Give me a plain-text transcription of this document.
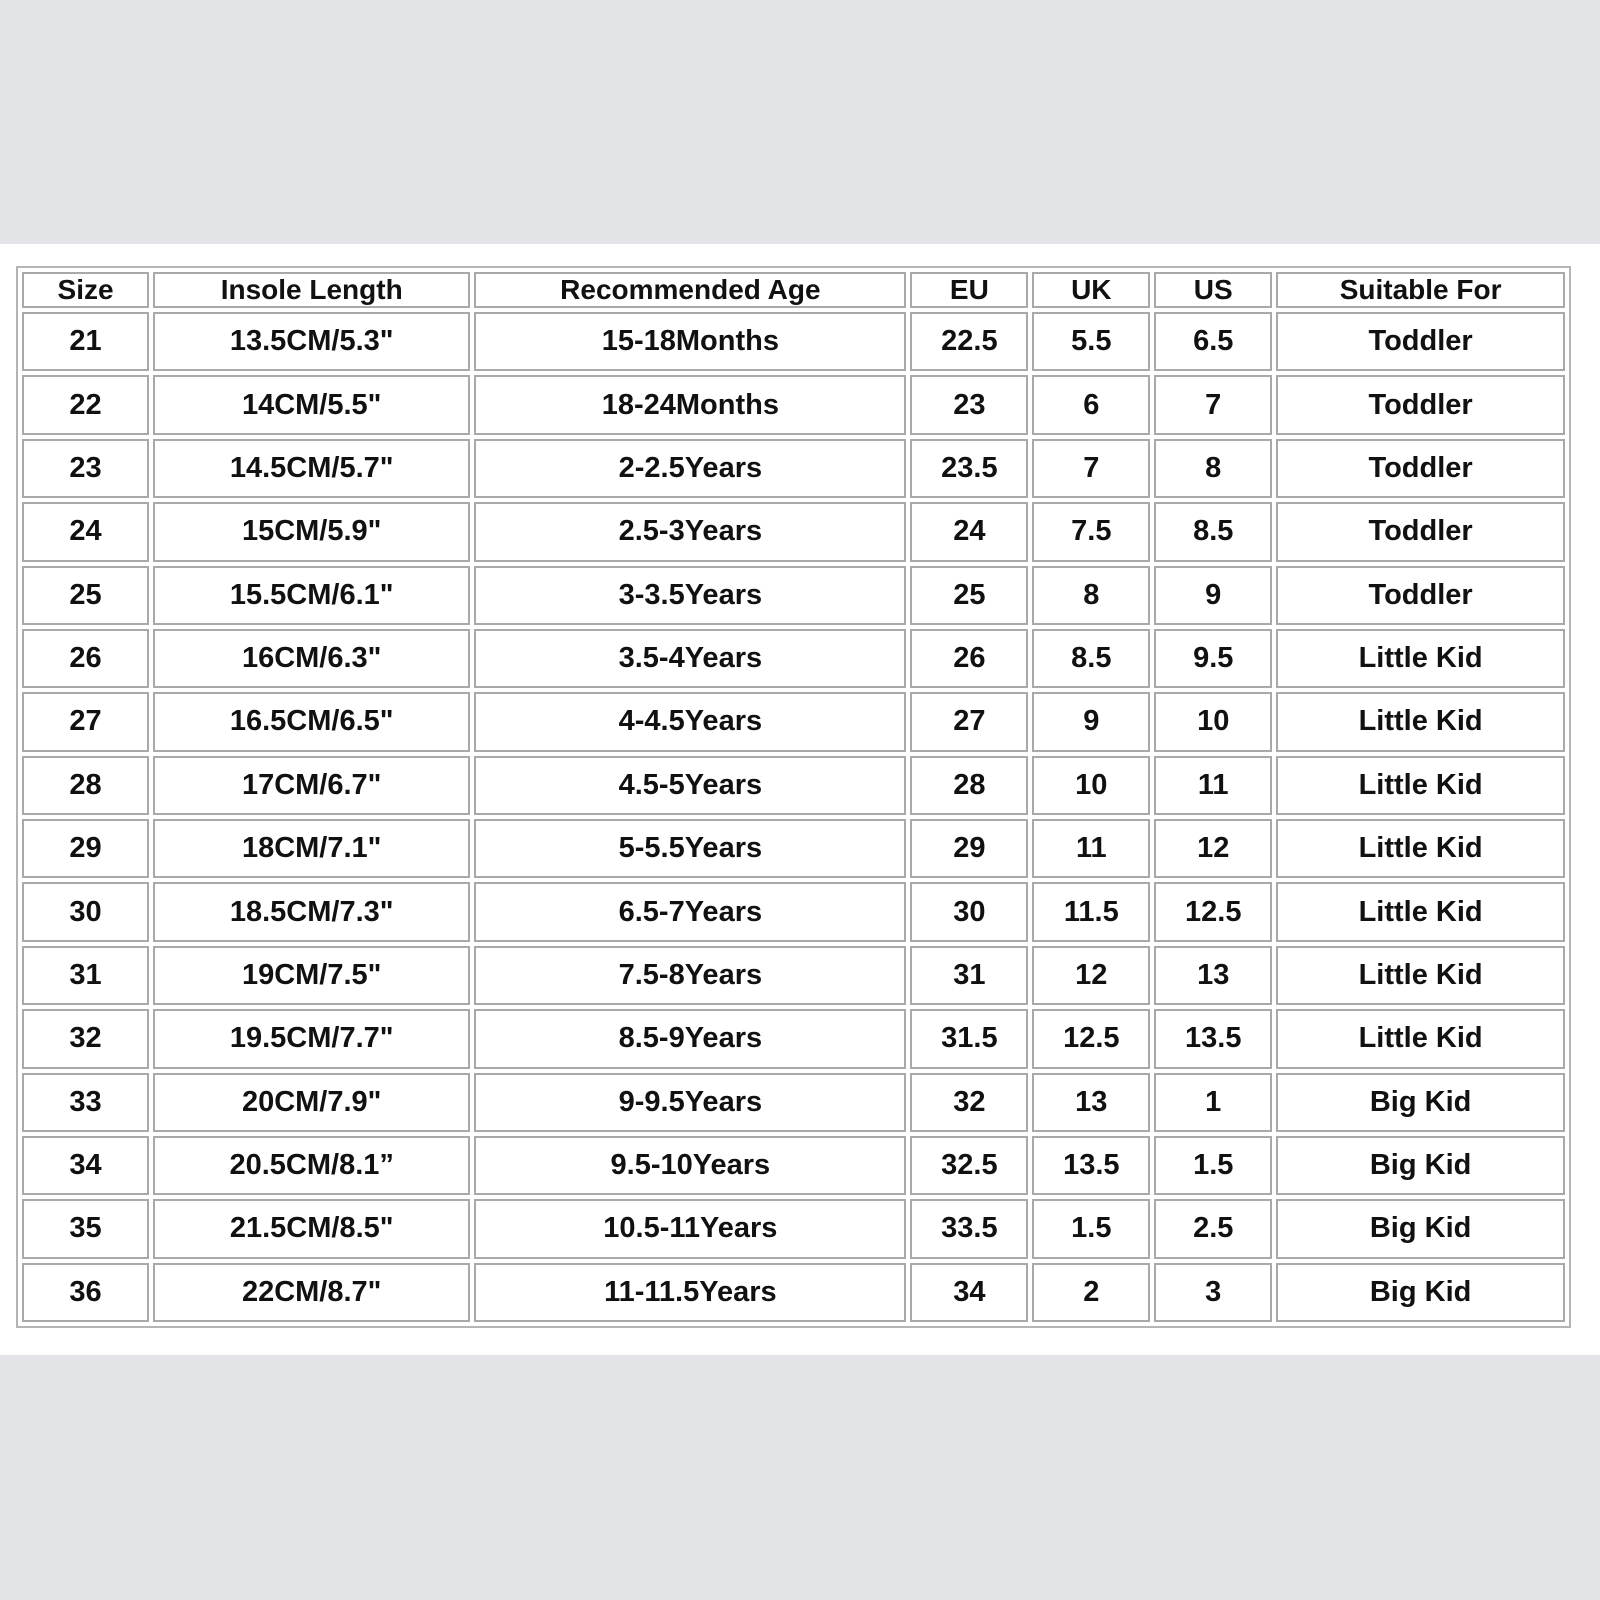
Size	Insole Length	Recommended Age	EU	UK	US	Suitable For
21	13.5CM/5.3"	15-18Months	22.5	5.5	6.5	Toddler
22	14CM/5.5"	18-24Months	23	6	7	Toddler
23	14.5CM/5.7"	2-2.5Years	23.5	7	8	Toddler
24	15CM/5.9"	2.5-3Years	24	7.5	8.5	Toddler
25	15.5CM/6.1"	3-3.5Years	25	8	9	Toddler
26	16CM/6.3"	3.5-4Years	26	8.5	9.5	Little Kid
27	16.5CM/6.5"	4-4.5Years	27	9	10	Little Kid
28	17CM/6.7"	4.5-5Years	28	10	11	Little Kid
29	18CM/7.1"	5-5.5Years	29	11	12	Little Kid
30	18.5CM/7.3"	6.5-7Years	30	11.5	12.5	Little Kid
31	19CM/7.5"	7.5-8Years	31	12	13	Little Kid
32	19.5CM/7.7"	8.5-9Years	31.5	12.5	13.5	Little Kid
33	20CM/7.9"	9-9.5Years	32	13	1	Big Kid
34	20.5CM/8.1”	9.5-10Years	32.5	13.5	1.5	Big Kid
35	21.5CM/8.5"	10.5-11Years	33.5	1.5	2.5	Big Kid
36	22CM/8.7"	11-11.5Years	34	2	3	Big Kid
